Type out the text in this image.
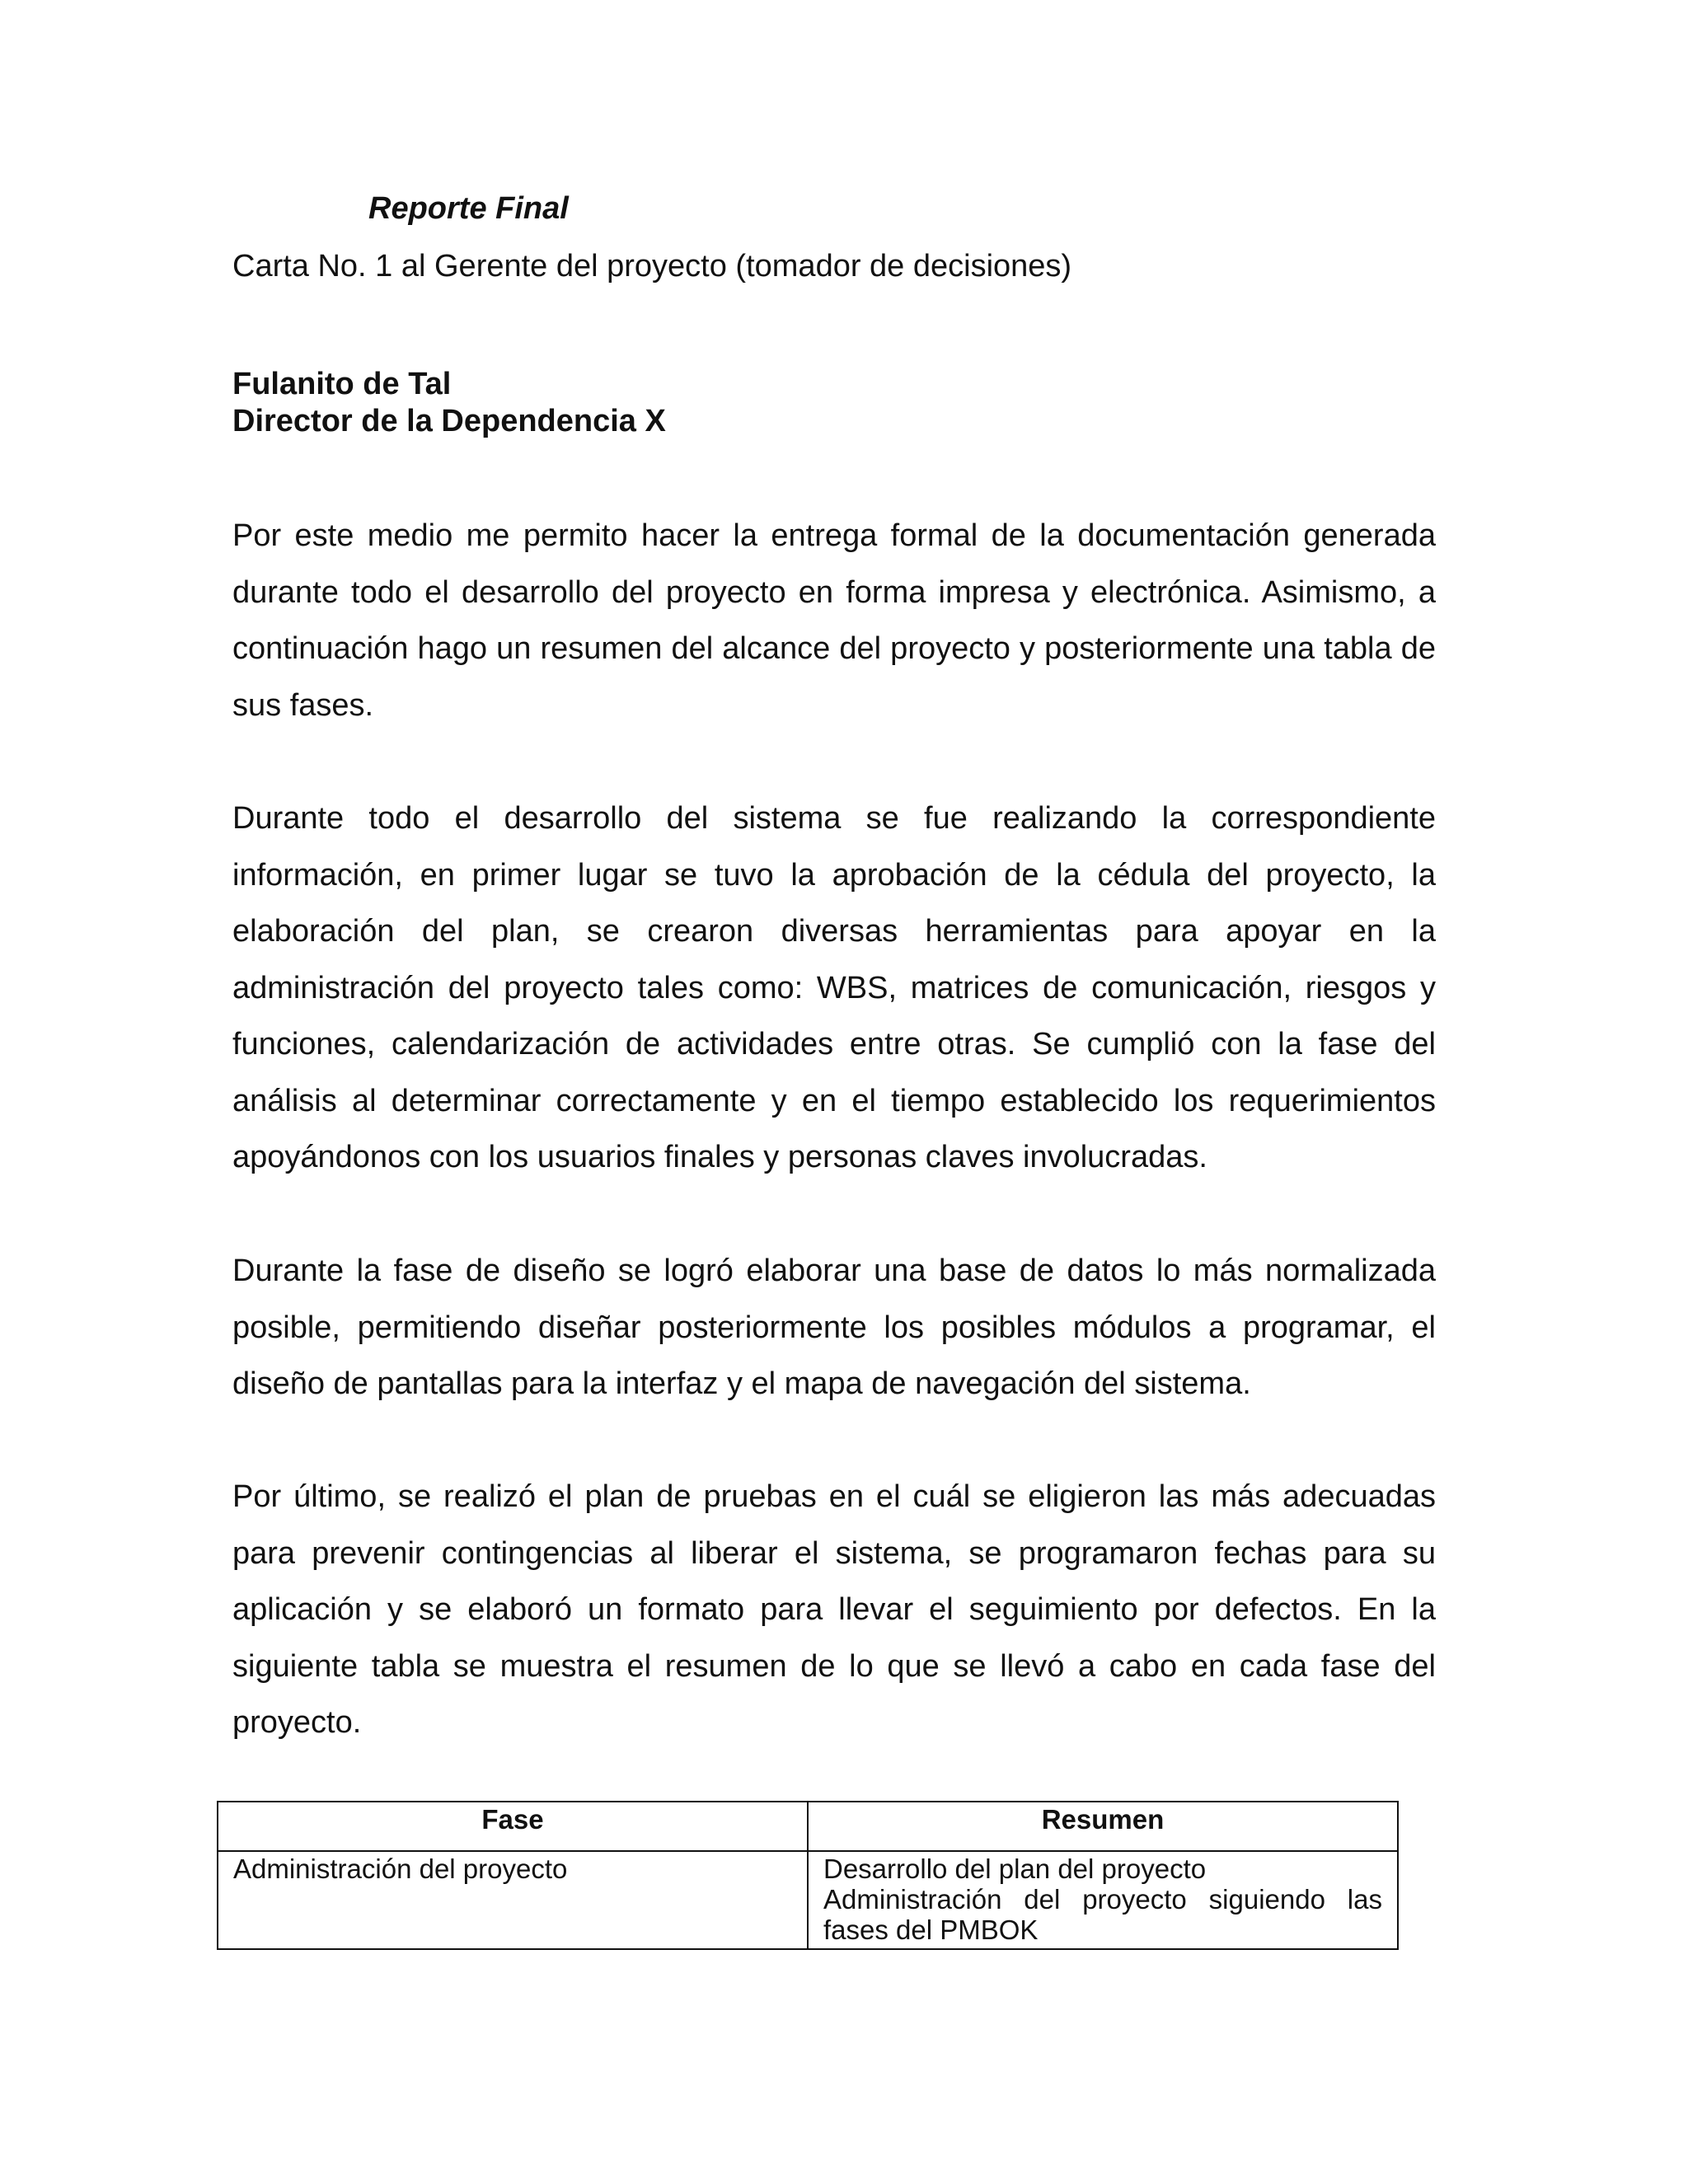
Reporte Final

Carta No. 1 al Gerente del proyecto (tomador de decisiones)

Fulanito de Tal
Director de la Dependencia X

Por este medio me permito hacer la entrega formal de la documentación generada durante todo el desarrollo del proyecto en forma impresa y electrónica. Asimismo, a continuación hago un resumen del alcance del proyecto y posteriormente una tabla de sus fases.

Durante todo el desarrollo del sistema se fue realizando la correspondiente información, en primer lugar se tuvo la aprobación de la cédula del proyecto, la elaboración del plan, se crearon diversas herramientas para apoyar en la administración del proyecto tales como: WBS, matrices de comunicación, riesgos y funciones, calendarización de actividades entre otras. Se cumplió con la fase del análisis al determinar correctamente y en el tiempo establecido los requerimientos apoyándonos con los usuarios finales y personas claves involucradas.

Durante la fase de diseño se logró elaborar una base de datos lo más normalizada posible, permitiendo diseñar posteriormente los posibles módulos a programar, el diseño de pantallas para la interfaz y el mapa de navegación del sistema.

Por último, se realizó el plan de pruebas en el cuál se eligieron las más adecuadas para prevenir contingencias al liberar el sistema, se programaron fechas para su aplicación y se elaboró un formato para llevar el seguimiento por defectos. En la siguiente tabla se muestra el resumen de lo que se llevó a cabo en cada fase del proyecto.

Fase	Resumen
Administración del proyecto	Desarrollo del plan del proyecto
Administración del proyecto siguiendo las fases del PMBOK
